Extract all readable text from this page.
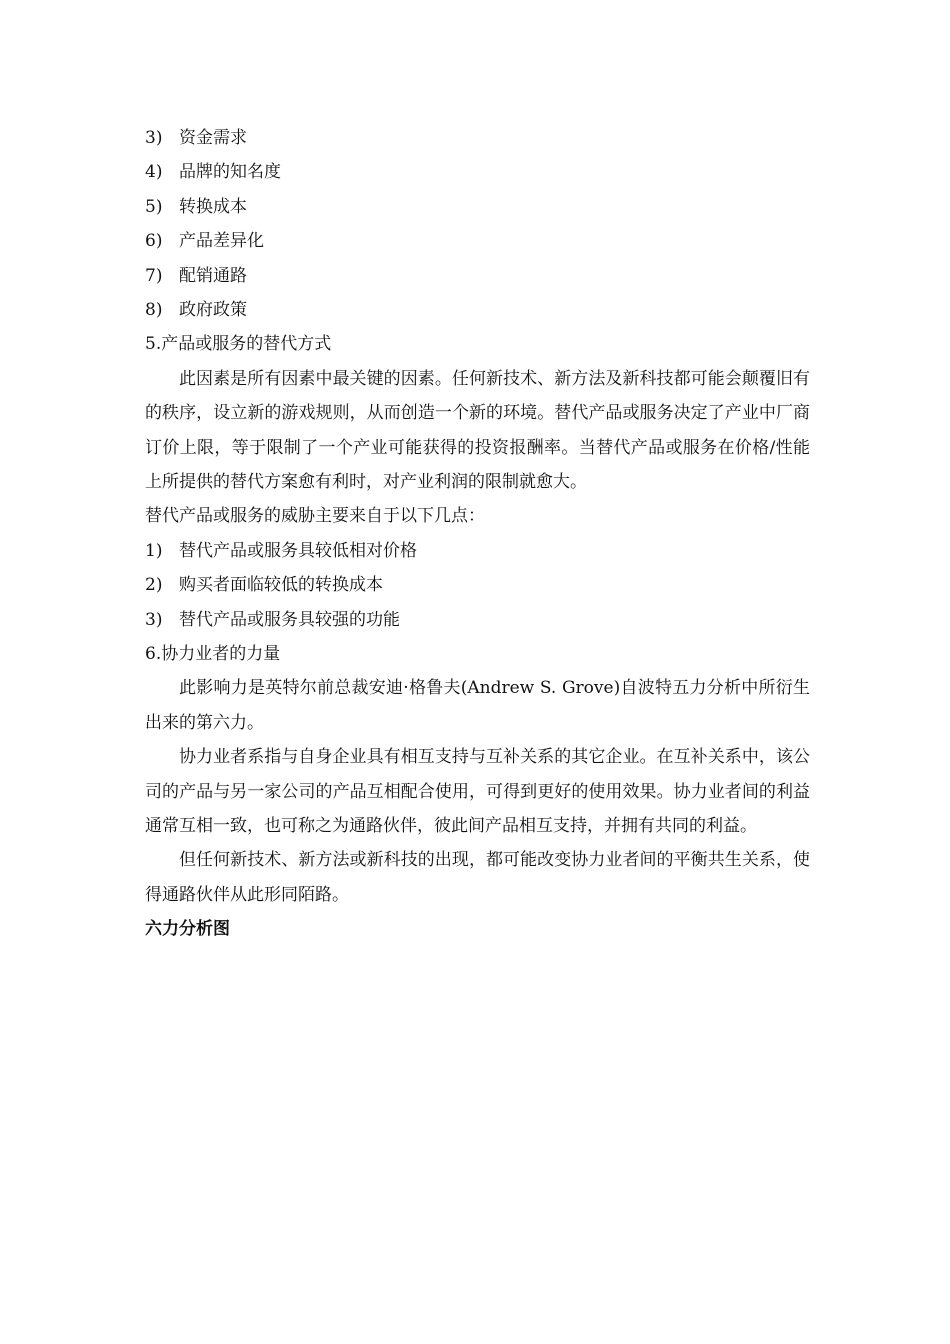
3) 资金需求
4) 品牌的知名度
5) 转换成本
6) 产品差异化
7) 配销通路
8) 政府政策
5.产品或服务的替代方式

此因素是所有因素中最关键的因素。任何新技术、新方法及新科技都可能会颠覆旧有的秩序，设立新的游戏规则，从而创造一个新的环境。替代产品或服务决定了产业中厂商订价上限，等于限制了一个产业可能获得的投资报酬率。当替代产品或服务在价格/性能上所提供的替代方案愈有利时，对产业利润的限制就愈大。

替代产品或服务的威胁主要来自于以下几点：
1) 替代产品或服务具较低相对价格
2) 购买者面临较低的转换成本
3) 替代产品或服务具较强的功能
6.协力业者的力量

此影响力是英特尔前总裁安迪·格鲁夫(Andrew S. Grove)自波特五力分析中所衍生出来的第六力。

协力业者系指与自身企业具有相互支持与互补关系的其它企业。在互补关系中，该公司的产品与另一家公司的产品互相配合使用，可得到更好的使用效果。协力业者间的利益通常互相一致，也可称之为通路伙伴，彼此间产品相互支持，并拥有共同的利益。

但任何新技术、新方法或新科技的出现，都可能改变协力业者间的平衡共生关系，使得通路伙伴从此形同陌路。

六力分析图
